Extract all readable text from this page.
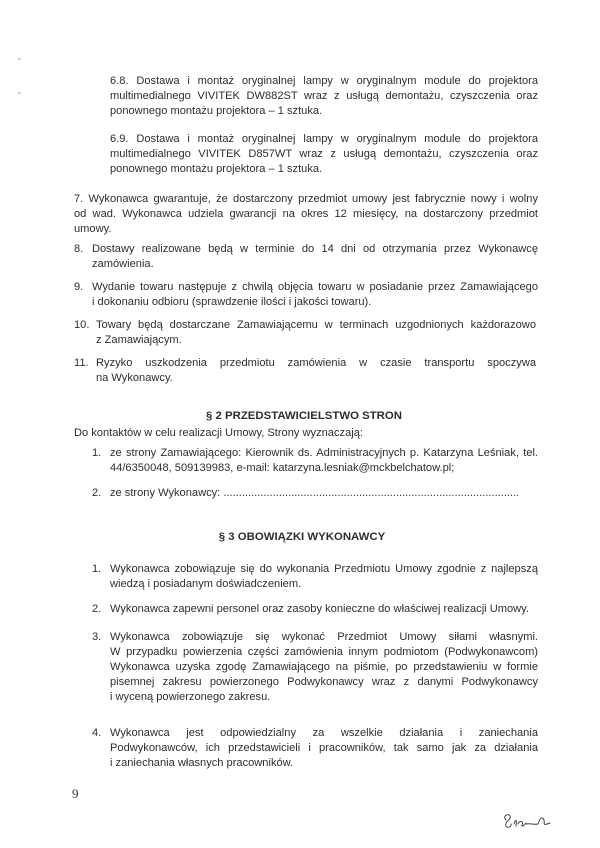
6.8. Dostawa i montaż oryginalnej lampy w oryginalnym module do projektora
multimedialnego VIVITEK DW882ST wraz z usługą demontażu, czyszczenia oraz
ponownego montażu projektora – 1 sztuka.
6.9. Dostawa i montaż oryginalnej lampy w oryginalnym module do projektora
multimedialnego VIVITEK D857WT wraz z usługą demontażu, czyszczenia oraz
ponownego montażu projektora – 1 sztuka.
7. Wykonawca gwarantuje, że dostarczony przedmiot umowy jest fabrycznie nowy i wolny
od wad. Wykonawca udziela gwarancji na okres 12 miesięcy, na dostarczony przedmiot
umowy.
8. Dostawy realizowane będą w terminie do 14 dni od otrzymania przez Wykonawcę
zamówienia.
9. Wydanie towaru następuje z chwilą objęcia towaru w posiadanie przez Zamawiającego
i dokonaniu odbioru (sprawdzenie ilości i jakości towaru).
10. Towary będą dostarczane Zamawiającemu w terminach uzgodnionych każdorazowo
z Zamawiającym.
11. Ryzyko uszkodzenia przedmiotu zamówienia w czasie transportu spoczywa
na Wykonawcy.
§ 2 PRZEDSTAWICIELSTWO STRON
Do kontaktów w celu realizacji Umowy, Strony wyznaczają:
1. ze strony Zamawiającego: Kierownik ds. Administracyjnych p. Katarzyna Leśniak, tel.
44/6350048, 509139983, e-mail: katarzyna.lesniak@mckbelchatow.pl;
2. ze strony Wykonawcy: ................................................................................................
§ 3 OBOWIĄZKI WYKONAWCY
1. Wykonawca zobowiązuje się do wykonania Przedmiotu Umowy zgodnie z najlepszą
wiedzą i posiadanym doświadczeniem.
2. Wykonawca zapewni personel oraz zasoby konieczne do właściwej realizacji Umowy.
3. Wykonawca zobowiązuje się wykonać Przedmiot Umowy siłami własnymi.
W przypadku powierzenia części zamówienia innym podmiotom (Podwykonawcom)
Wykonawca uzyska zgodę Zamawiającego na piśmie, po przedstawieniu w formie
pisemnej zakresu powierzonego Podwykonawcy wraz z danymi Podwykonawcy
i wyceną powierzonego zakresu.
4. Wykonawca jest odpowiedzialny za wszelkie działania i zaniechania
Podwykonawców, ich przedstawicieli i pracowników, tak samo jak za działania
i zaniechania własnych pracowników.
9
